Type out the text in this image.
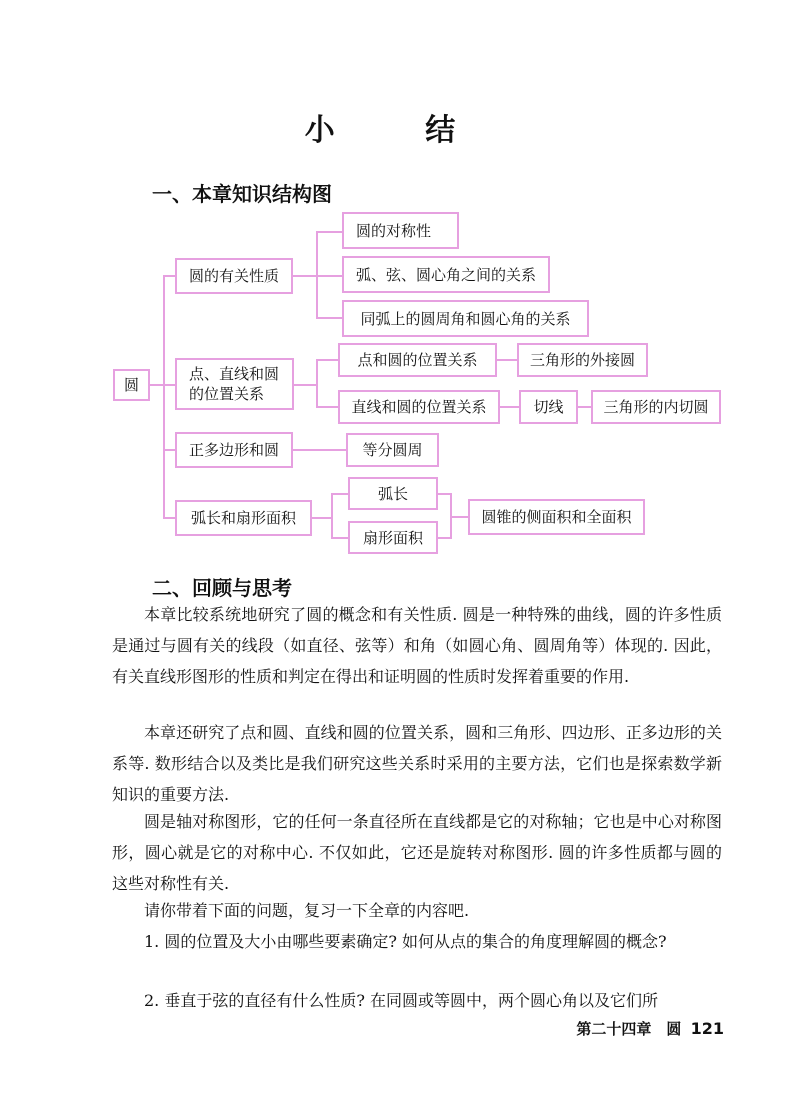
小 结
一、本章知识结构图
圆
圆的有关性质
圆的对称性
弧、弦、圆心角之间的关系
同弧上的圆周角和圆心角的关系
点、直线和圆
的位置关系
点和圆的位置关系	三角形的外接圆
直线和圆的位置关系	切线	三角形的内切圆
正多边形和圆	等分圆周
弧长和扇形面积
弧长
扇形面积
圆锥的侧面积和全面积
二、回顾与思考
本章比较系统地研究了圆的概念和有关性质. 圆是一种特殊的曲线，圆的许多性质是通过与圆有关的线段（如直径、弦等）和角（如圆心角、圆周角等）体现的. 因此，有关直线形图形的性质和判定在得出和证明圆的性质时发挥着重要的作用.
本章还研究了点和圆、直线和圆的位置关系，圆和三角形、四边形、正多边形的关系等. 数形结合以及类比是我们研究这些关系时采用的主要方法，它们也是探索数学新知识的重要方法.
圆是轴对称图形，它的任何一条直径所在直线都是它的对称轴；它也是中心对称图形，圆心就是它的对称中心. 不仅如此，它还是旋转对称图形. 圆的许多性质都与圆的这些对称性有关.
请你带着下面的问题，复习一下全章的内容吧.
1. 圆的位置及大小由哪些要素确定? 如何从点的集合的角度理解圆的概念?
2. 垂直于弦的直径有什么性质? 在同圆或等圆中，两个圆心角以及它们所
第二十四章　圆 121
